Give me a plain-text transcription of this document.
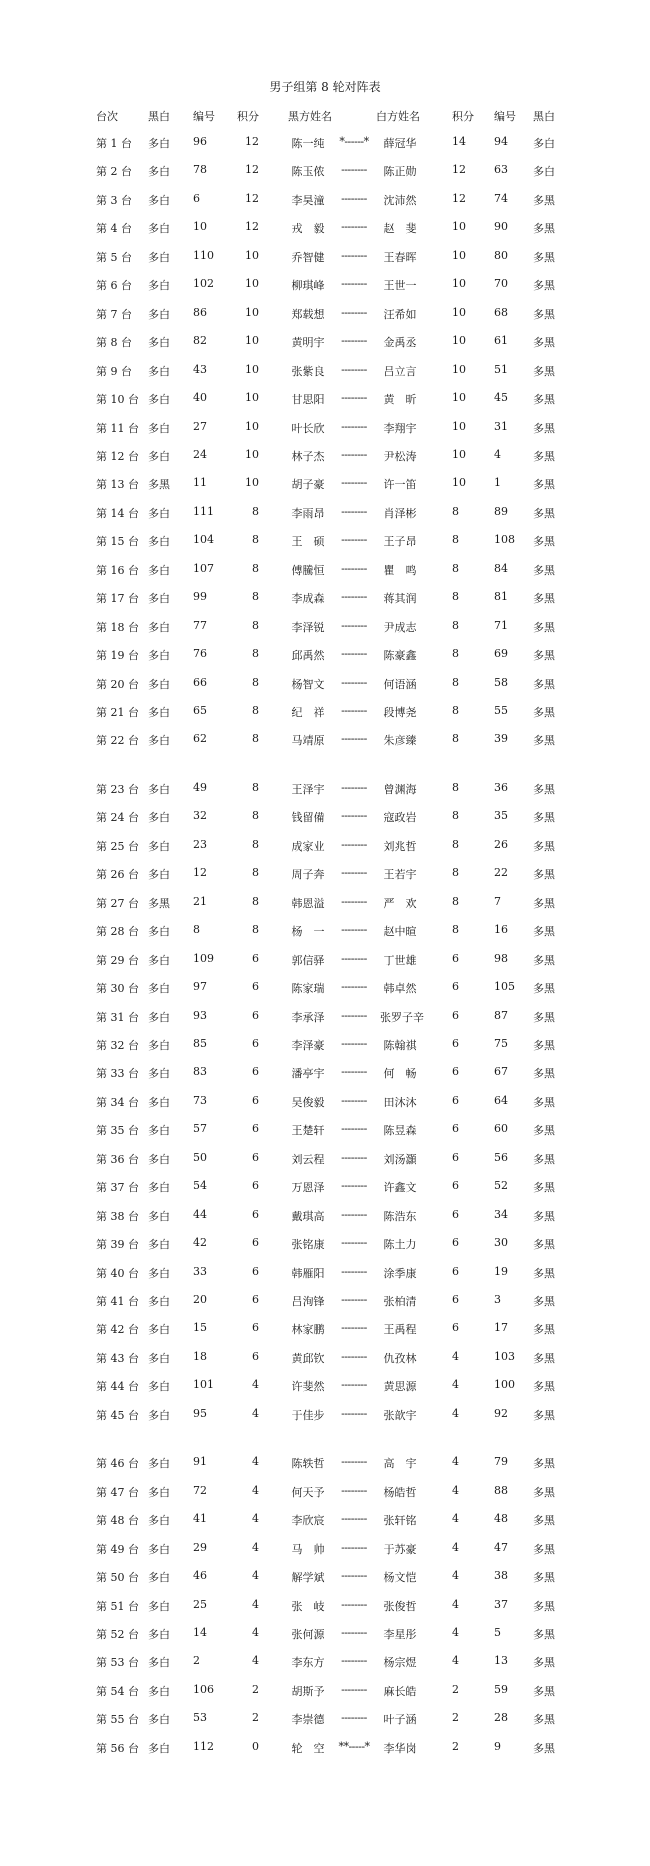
男子组第 8 轮对阵表
台次	黑白 编号 积分	黑方姓名	白方姓名	积分 编号 黑白
第 1 台 多白 96	12	陈一纯	*------*	薛冠华	14	94 多白
第 2 台 多白 78	12	陈玉侬	--------	陈正勋	12	63 多白
第 3 台 多白 6	12	李昊潼	--------	沈沛然	12	74 多黑
第 4 台 多白 10	12	戎　毅	--------	赵　斐	10	90 多黑
第 5 台 多白 110	10	乔智健	--------	王春晖	10	80 多黑
第 6 台 多白 102	10	柳琪峰	--------	王世一	10	70 多黑
第 7 台 多白 86	10	郑载想	--------	汪希如	10	68 多黑
第 8 台 多白 82	10	黄明宇	--------	金禹丞	10	61 多黑
第 9 台 多白 43	10	张紫良	--------	吕立言	10	51 多黑
第 10 台 多白 40	10	甘思阳	--------	黄　昕	10	45 多黑
第 11 台 多白 27	10	叶长欣	--------	李翔宇	10	31 多黑
第 12 台 多白 24	10	林子杰	--------	尹松涛	10	4	多黑
第 13 台 多黑 11	10	胡子豪	--------	许一笛	10	1	多黑
第 14 台 多白 111	8	李雨昂	--------	肖泽彬	8	89 多黑
第 15 台 多白 104	8	王　硕	--------	王子昂	8	108 多黑
第 16 台 多白 107	8	傅騰恒	--------	瞿　鸣	8	84 多黑
第 17 台 多白 99	8	李成森	--------	蒋其润	8	81 多黑
第 18 台 多白 77	8	李泽锐	--------	尹成志	8	71 多黑
第 19 台 多白 76	8	邱禹然	--------	陈豪鑫	8	69 多黑
第 20 台 多白 66	8	杨智文	--------	何语涵	8	58 多黑
第 21 台 多白 65	8	纪　祥	--------	段博尧	8	55 多黑
第 22 台 多白 62	8	马靖原	--------	朱彦臻	8	39 多黑
第 23 台 多白 49	8	王泽宇	--------	曾渊海	8	36 多黑
第 24 台 多白 32	8	钱留備	--------	寇政岩	8	35 多黑
第 25 台 多白 23	8	成家业	--------	刘兆哲	8	26 多黑
第 26 台 多白 12	8	周子奔	--------	王若宇	8	22 多黑
第 27 台 多黑 21	8	韩恩溢	--------	严　欢	8	7	多黑
第 28 台 多白 8	8	杨　一	--------	赵中暄	8	16 多黑
第 29 台 多白 109	6	郭信驿	--------	丁世雄	6	98 多黑
第 30 台 多白 97	6	陈家瑞	--------	韩卓然	6	105 多黑
第 31 台 多白 93	6	李承泽	--------	张罗子辛	6	87 多黑
第 32 台 多白 85	6	李泽豪	--------	陈翰祺	6	75 多黑
第 33 台 多白 83	6	潘亭宇	--------	何　畅	6	67 多黑
第 34 台 多白 73	6	吴俊毅	--------	田沐沐	6	64 多黑
第 35 台 多白 57	6	王楚轩	--------	陈昱森	6	60 多黑
第 36 台 多白 50	6	刘云程	--------	刘汤灝	6	56 多黑
第 37 台 多白 54	6	万恩泽	--------	许鑫文	6	52 多黑
第 38 台 多白 44	6	戴琪高	--------	陈浩东	6	34 多黑
第 39 台 多白 42	6	张铭康	--------	陈土力	6	30 多黑
第 40 台 多白 33	6	韩雁阳	--------	涂季康	6	19 多黑
第 41 台 多白 20	6	吕洵锋	--------	张柏清	6	3	多黑
第 42 台 多白 15	6	林家鹏	--------	王禹程	6	17 多黑
第 43 台 多白 18	6	黄邱钦	--------	仇孜林	4	103 多黑
第 44 台 多白 101	4	许斐然	--------	黄思源	4	100 多黑
第 45 台 多白 95	4	于佳步	--------	张歆宇	4	92 多黑
第 46 台 多白 91	4	陈轶哲	--------	高　宇	4	79 多黑
第 47 台 多白 72	4	何天予	--------	杨皓哲	4	88 多黑
第 48 台 多白 41	4	李欣宸	--------	张轩铭	4	48 多黑
第 49 台 多白 29	4	马　帅	--------	于苏豪	4	47 多黑
第 50 台 多白 46	4	解学斌	--------	杨文恺	4	38 多黑
第 51 台 多白 25	4	张　岐	--------	张俊哲	4	37 多黑
第 52 台 多白 14	4	张何源	--------	李星彤	4	5	多黑
第 53 台 多白 2	4	李东方	--------	杨宗煜	4	13 多黑
第 54 台 多白 106	2	胡斯予	--------	麻长皓	2	59 多黑
第 55 台 多白 53	2	李崇德	--------	叶子涵	2	28 多黑
第 56 台 多白 112	0	轮　空	**-----*	李华岗	2	9	多黑
